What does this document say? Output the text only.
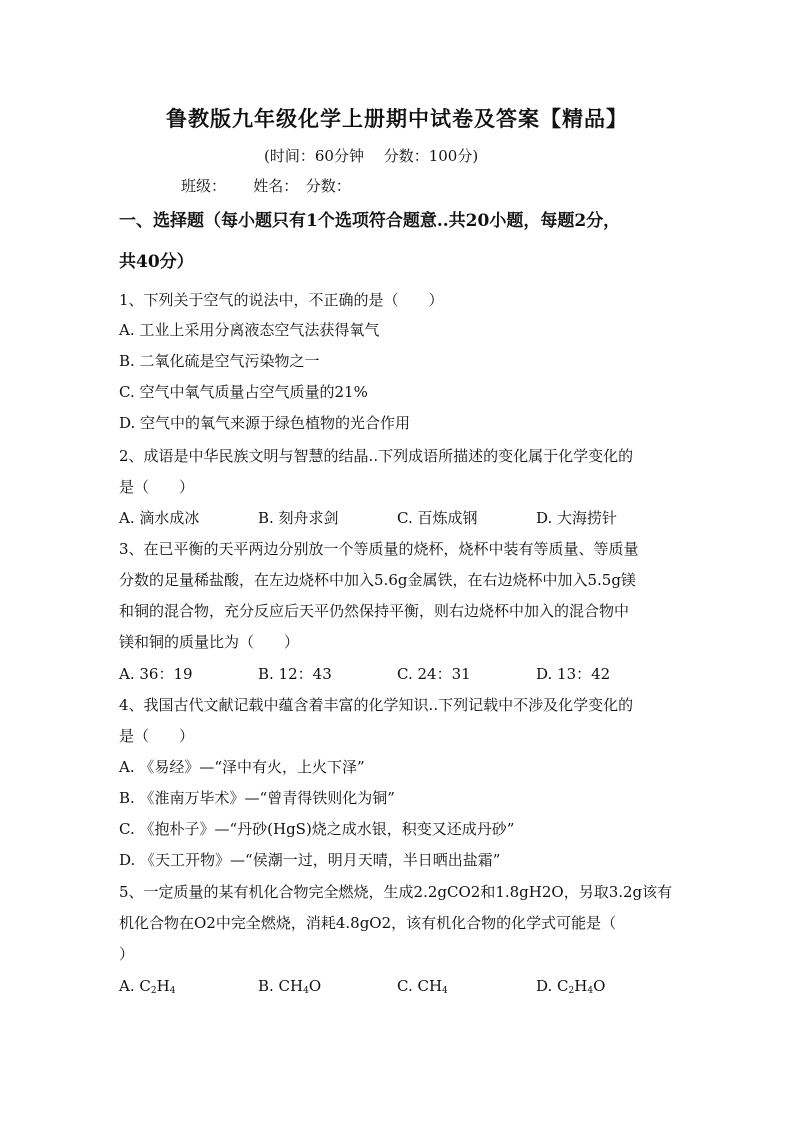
鲁教版九年级化学上册期中试卷及答案【精品】
(时间：60分钟　 分数：100分)
班级：　　 姓名：　分数：
一、选择题（每小题只有1个选项符合题意..共20小题，每题2分，
共40分）
1、下列关于空气的说法中，不正确的是（　　）
A. 工业上采用分离液态空气法获得氧气
B. 二氧化硫是空气污染物之一
C. 空气中氧气质量占空气质量的21%
D. 空气中的氧气来源于绿色植物的光合作用
2、成语是中华民族文明与智慧的结晶..下列成语所描述的变化属于化学变化的
是（　　）
A. 滴水成冰	B. 刻舟求剑	C. 百炼成钢	D. 大海捞针
3、在已平衡的天平两边分别放一个等质量的烧杯，烧杯中装有等质量、等质量
分数的足量稀盐酸，在左边烧杯中加入5.6g金属铁，在右边烧杯中加入5.5g镁
和铜的混合物，充分反应后天平仍然保持平衡，则右边烧杯中加入的混合物中
镁和铜的质量比为（　　）
A. 36：19	B. 12：43	C. 24：31	D. 13：42
4、我国古代文献记载中蕴含着丰富的化学知识..下列记载中不涉及化学变化的
是（　　）
A. 《易经》—“泽中有火，上火下泽”
B. 《淮南万毕术》—“曾青得铁则化为铜”
C. 《抱朴子》—“丹砂(HgS)烧之成水银，积变又还成丹砂”
D. 《天工开物》—“侯潮一过，明月天晴，半日晒出盐霜”
5、一定质量的某有机化合物完全燃烧，生成2.2gCO2和1.8gH2O，另取3.2g该有
机化合物在O2中完全燃烧，消耗4.8gO2，该有机化合物的化学式可能是（
）
A. $C_2H_4$	B. $CH_4O$	C. $CH_4$	D. $C_2H_4O$
